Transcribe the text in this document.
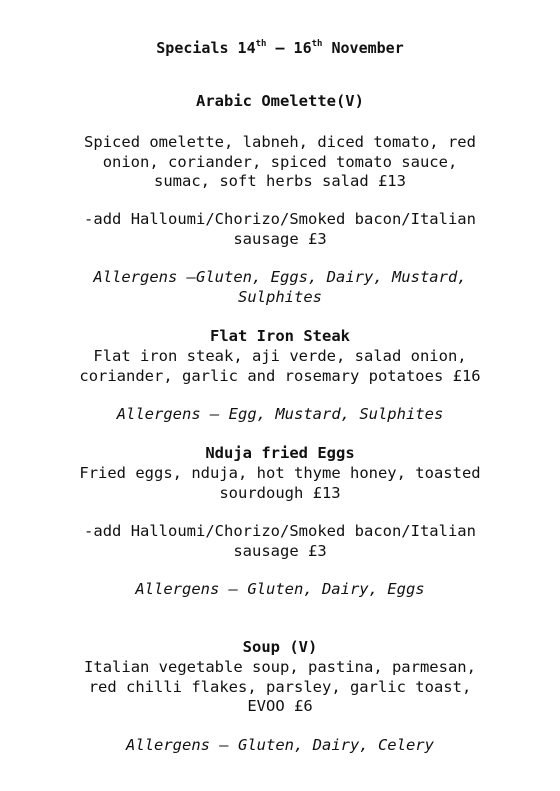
Specials 14th – 16th November
Arabic Omelette(V)
Spiced omelette, labneh, diced tomato, red
onion, coriander, spiced tomato sauce,
sumac, soft herbs salad £13
-add Halloumi/Chorizo/Smoked bacon/Italian
sausage £3
Allergens –Gluten, Eggs, Dairy, Mustard,
Sulphites
Flat Iron Steak
Flat iron steak, aji verde, salad onion,
coriander, garlic and rosemary potatoes £16
Allergens – Egg, Mustard, Sulphites
Nduja fried Eggs
Fried eggs, nduja, hot thyme honey, toasted
sourdough £13
-add Halloumi/Chorizo/Smoked bacon/Italian
sausage £3
Allergens – Gluten, Dairy, Eggs
Soup (V)
Italian vegetable soup, pastina, parmesan,
red chilli flakes, parsley, garlic toast,
EVOO £6
Allergens – Gluten, Dairy, Celery
